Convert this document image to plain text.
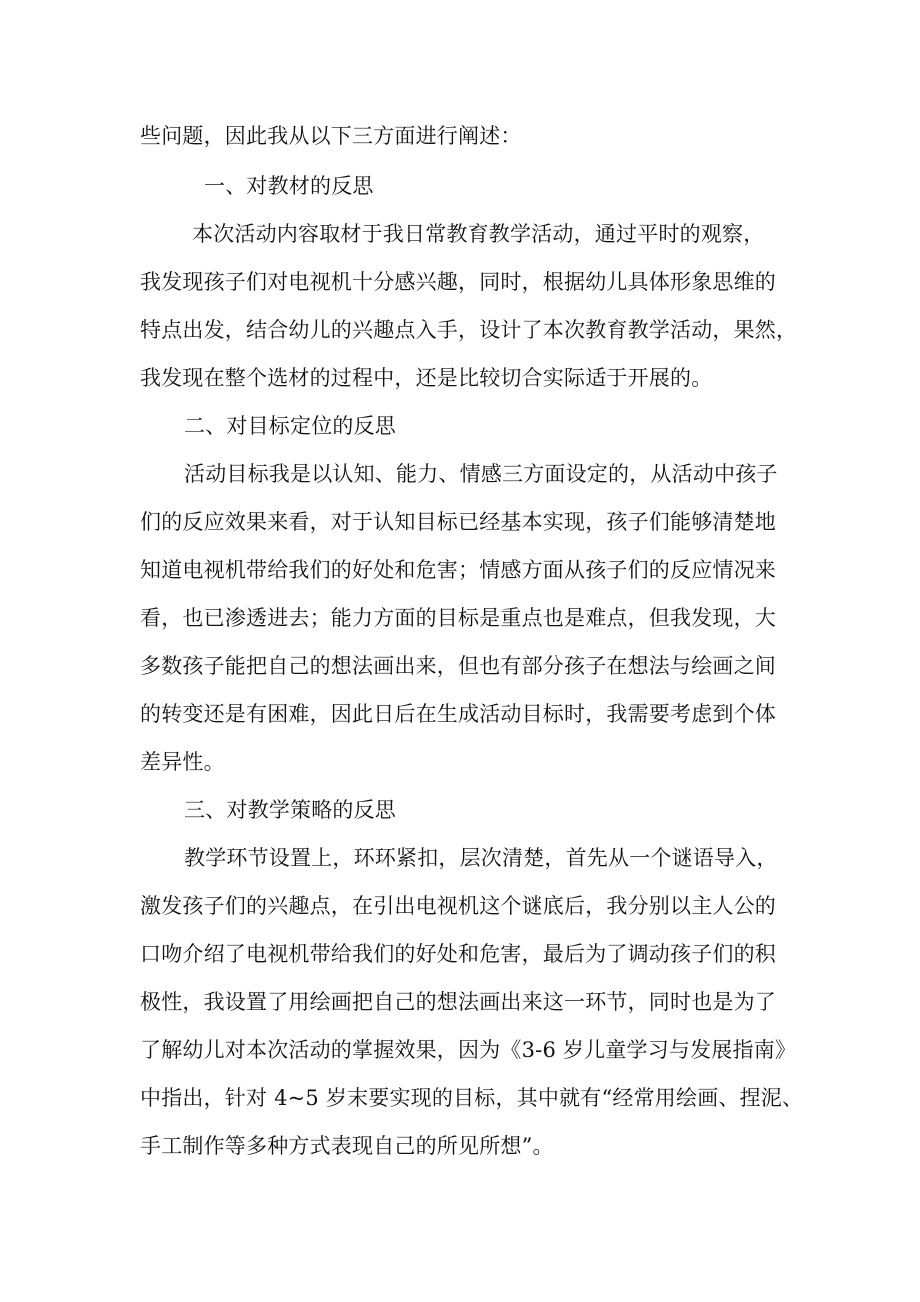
些问题，因此我从以下三方面进行阐述：
一、对教材的反思
本次活动内容取材于我日常教育教学活动，通过平时的观察，
我发现孩子们对电视机十分感兴趣，同时，根据幼儿具体形象思维的
特点出发，结合幼儿的兴趣点入手，设计了本次教育教学活动，果然，
我发现在整个选材的过程中，还是比较切合实际适于开展的。
二、对目标定位的反思
活动目标我是以认知、能力、情感三方面设定的，从活动中孩子
们的反应效果来看，对于认知目标已经基本实现，孩子们能够清楚地
知道电视机带给我们的好处和危害；情感方面从孩子们的反应情况来
看，也已渗透进去；能力方面的目标是重点也是难点，但我发现，大
多数孩子能把自己的想法画出来，但也有部分孩子在想法与绘画之间
的转变还是有困难，因此日后在生成活动目标时，我需要考虑到个体
差异性。
三、对教学策略的反思
教学环节设置上，环环紧扣，层次清楚，首先从一个谜语导入，
激发孩子们的兴趣点，在引出电视机这个谜底后，我分别以主人公的
口吻介绍了电视机带给我们的好处和危害，最后为了调动孩子们的积
极性，我设置了用绘画把自己的想法画出来这一环节，同时也是为了
了解幼儿对本次活动的掌握效果，因为《3-6 岁儿童学习与发展指南》
中指出，针对 4~5 岁末要实现的目标，其中就有“经常用绘画、捏泥、
手工制作等多种方式表现自己的所见所想”。
